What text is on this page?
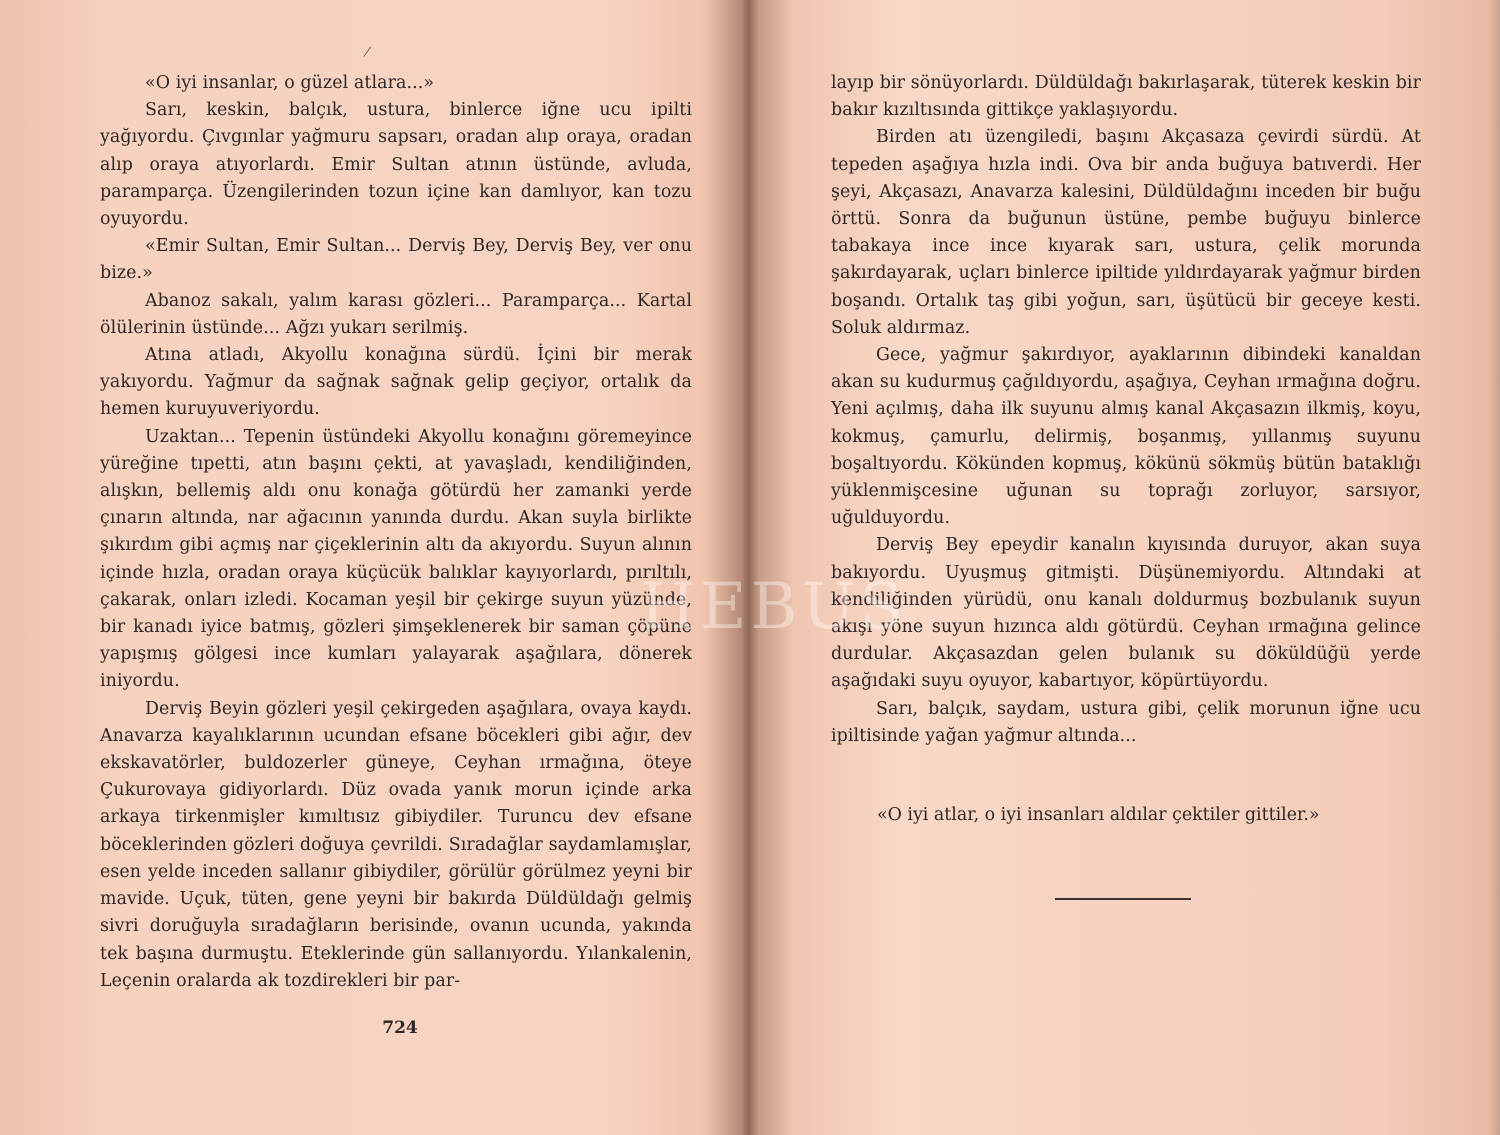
«O iyi insanlar, o güzel atlara...»

Sarı, keskin, balçık, ustura, binlerce iğne ucu ipilti yağıyordu. Çıvgınlar yağmuru sapsarı, oradan alıp oraya, oradan alıp oraya atıyorlardı. Emir Sultan atının üstünde, avluda, paramparça. Üzengilerinden tozun içine kan damlıyor, kan tozu oyuyordu.

«Emir Sultan, Emir Sultan... Derviş Bey, Derviş Bey, ver onu bize.»

Abanoz sakalı, yalım karası gözleri... Paramparça... Kartal ölülerinin üstünde... Ağzı yukarı serilmiş.

Atına atladı, Akyollu konağına sürdü. İçini bir merak yakıyordu. Yağmur da sağnak sağnak gelip geçiyor, ortalık da hemen kuruyuveriyordu.

Uzaktan... Tepenin üstündeki Akyollu konağını göremeyince yüreğine tıpetti, atın başını çekti, at yavaşladı, kendiliğinden, alışkın, bellemiş aldı onu konağa götürdü her zamanki yerde çınarın altında, nar ağacının yanında durdu. Akan suyla birlikte şıkırdım gibi açmış nar çiçeklerinin altı da akıyordu. Suyun alının içinde hızla, oradan oraya küçücük balıklar kayıyorlardı, pırıltılı, çakarak, onları izledi. Kocaman yeşil bir çekirge suyun yüzünde, bir kanadı iyice batmış, gözleri şimşeklenerek bir saman çöpüne yapışmış gölgesi ince kumları yalayarak aşağılara, dönerek iniyordu.

Derviş Beyin gözleri yeşil çekirgeden aşağılara, ovaya kaydı. Anavarza kayalıklarının ucundan efsane böcekleri gibi ağır, dev ekskavatörler, buldozerler güneye, Ceyhan ırmağına, öteye Çukurovaya gidiyorlardı. Düz ovada yanık morun içinde arka arkaya tirkenmişler kımıltısız gibiydiler. Turuncu dev efsane böceklerinden gözleri doğuya çevrildi. Sıradağlar saydamlamışlar, esen yelde inceden sallanır gibiydiler, görülür görülmez yeyni bir mavide. Uçuk, tüten, gene yeyni bir bakırda Düldüldağı gelmiş sivri doruğuyla sıradağların berisinde, ovanın ucunda, yakında tek başına durmuştu. Eteklerinde gün sallanıyordu. Yılankalenin, Leçenin oralarda ak tozdirekleri bir par-

724

layıp bir sönüyorlardı. Düldüldağı bakırlaşarak, tüterek keskin bir bakır kızıltısında gittikçe yaklaşıyordu.

Birden atı üzengiledi, başını Akçasaza çevirdi sürdü. At tepeden aşağıya hızla indi. Ova bir anda buğuya batıverdi. Her şeyi, Akçasazı, Anavarza kalesini, Düldüldağını inceden bir buğu örttü. Sonra da buğunun üstüne, pembe buğuyu binlerce tabakaya ince ince kıyarak sarı, ustura, çelik morunda şakırdayarak, uçları binlerce ipiltide yıldırdayarak yağmur birden boşandı. Ortalık taş gibi yoğun, sarı, üşütücü bir geceye kesti. Soluk aldırmaz.

Gece, yağmur şakırdıyor, ayaklarının dibindeki kanaldan akan su kudurmuş çağıldıyordu, aşağıya, Ceyhan ırmağına doğru. Yeni açılmış, daha ilk suyunu almış kanal Akçasazın ilkmiş, koyu, kokmuş, çamurlu, delirmiş, boşanmış, yıllanmış suyunu boşaltıyordu. Kökünden kopmuş, kökünü sökmüş bütün bataklığı yüklenmişcesine uğunan su toprağı zorluyor, sarsıyor, uğulduyordu.

Derviş Bey epeydir kanalın kıyısında duruyor, akan suya bakıyordu. Uyuşmuş gitmişti. Düşünemiyordu. Altındaki at kendiliğinden yürüdü, onu kanalı doldurmuş bozbulanık suyun akışı yöne suyun hızınca aldı götürdü. Ceyhan ırmağına gelince durdular. Akçasazdan gelen bulanık su döküldüğü yerde aşağıdaki suyu oyuyor, kabartıyor, köpürtüyordu.

Sarı, balçık, saydam, ustura gibi, çelik morunun iğne ucu ipiltisinde yağan yağmur altında...

«O iyi atlar, o iyi insanları aldılar çektiler gittiler.»
HEBUS
